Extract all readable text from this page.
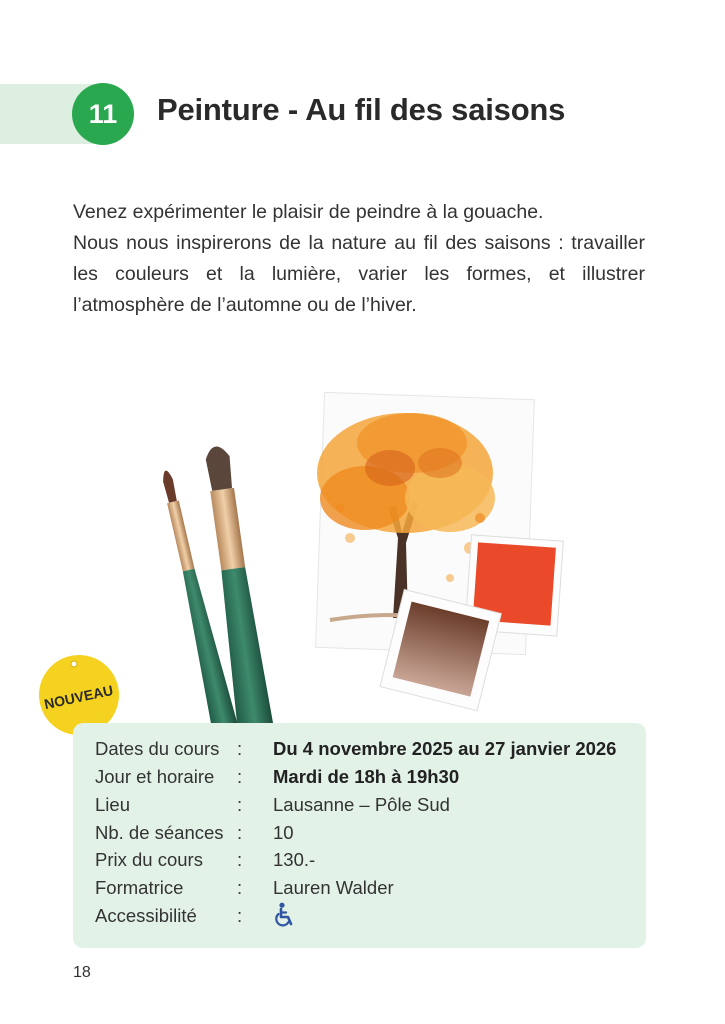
11	Peinture - Au fil des saisons

Venez expérimenter le plaisir de peindre à la gouache.

Nous nous inspirerons de la nature au fil des saisons : travailler les couleurs et la lumière, varier les formes, et illustrer l’atmosphère de l’automne ou de l’hiver.

NOUVEAU
Dates du cours : Du 4 novembre 2025 au 27 janvier 2026
Jour et horaire	: Mardi de 18h à 19h30
Lieu	: Lausanne – Pôle Sud
Nb. de séances : 10
Prix du cours	: 130.-
Formatrice	: Lauren Walder
Accessibilité	:
18
